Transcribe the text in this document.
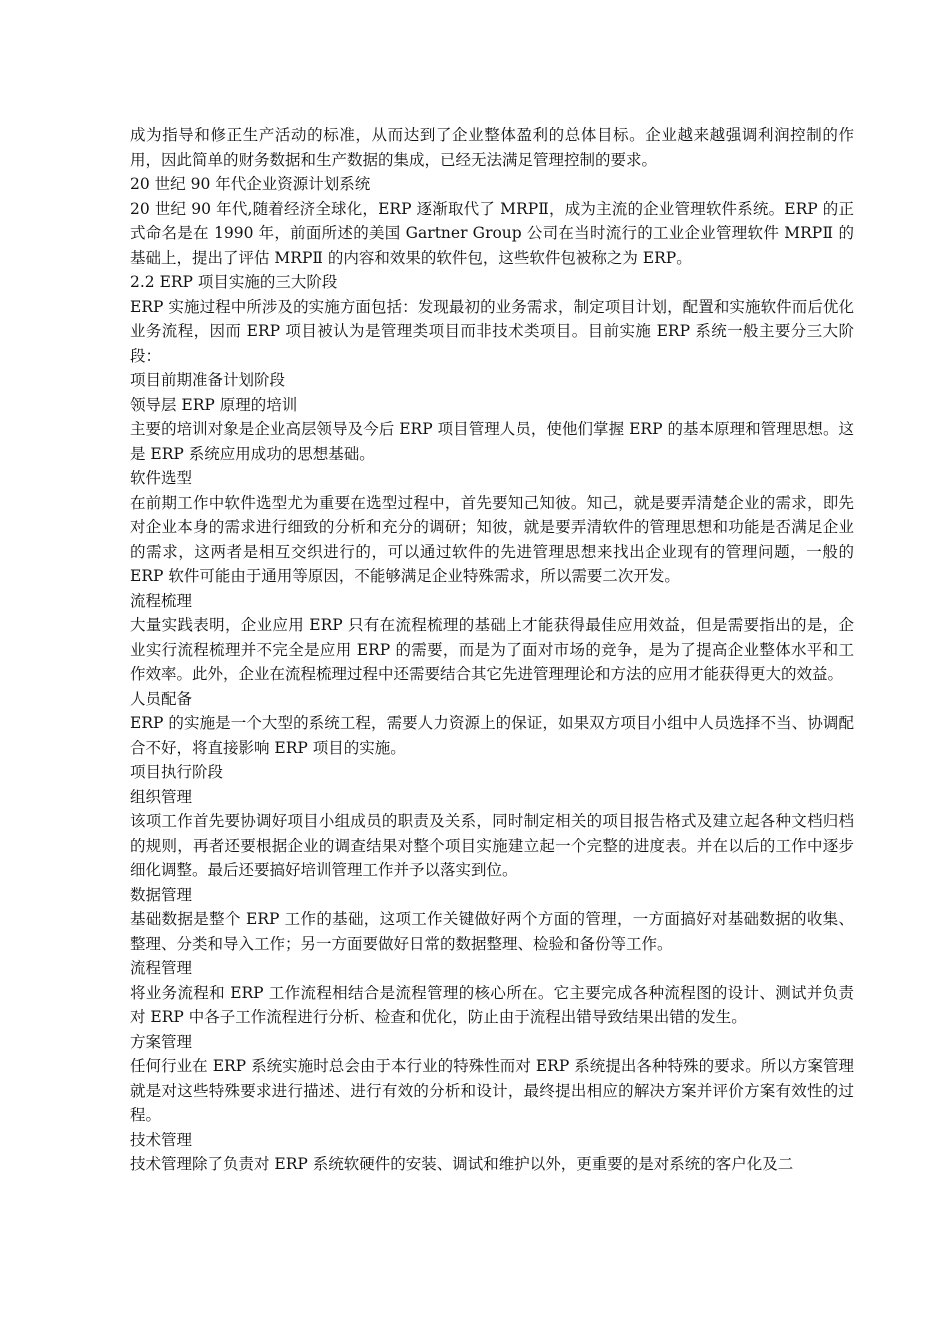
成为指导和修正生产活动的标准，从而达到了企业整体盈利的总体目标。企业越来越强调利润控制的作用，因此简单的财务数据和生产数据的集成，已经无法满足管理控制的要求。

20 世纪 90 年代企业资源计划系统

20 世纪 90 年代,随着经济全球化，ERP 逐渐取代了 MRPⅡ，成为主流的企业管理软件系统。ERP 的正式命名是在 1990 年，前面所述的美国 Gartner Group 公司在当时流行的工业企业管理软件 MRPⅡ 的基础上，提出了评估 MRPⅡ 的内容和效果的软件包，这些软件包被称之为 ERP。

2.2 ERP 项目实施的三大阶段

ERP 实施过程中所涉及的实施方面包括：发现最初的业务需求，制定项目计划，配置和实施软件而后优化业务流程，因而 ERP 项目被认为是管理类项目而非技术类项目。目前实施 ERP 系统一般主要分三大阶段：

项目前期准备计划阶段

领导层 ERP 原理的培训

主要的培训对象是企业高层领导及今后 ERP 项目管理人员，使他们掌握 ERP 的基本原理和管理思想。这是 ERP 系统应用成功的思想基础。

软件选型

在前期工作中软件选型尤为重要在选型过程中，首先要知己知彼。知己，就是要弄清楚企业的需求，即先对企业本身的需求进行细致的分析和充分的调研；知彼，就是要弄清软件的管理思想和功能是否满足企业的需求，这两者是相互交织进行的，可以通过软件的先进管理思想来找出企业现有的管理问题，一般的 ERP 软件可能由于通用等原因，不能够满足企业特殊需求，所以需要二次开发。

流程梳理

大量实践表明，企业应用 ERP 只有在流程梳理的基础上才能获得最佳应用效益，但是需要指出的是，企业实行流程梳理并不完全是应用 ERP 的需要，而是为了面对市场的竞争，是为了提高企业整体水平和工作效率。此外，企业在流程梳理过程中还需要结合其它先进管理理论和方法的应用才能获得更大的效益。

人员配备

ERP 的实施是一个大型的系统工程，需要人力资源上的保证，如果双方项目小组中人员选择不当、协调配合不好，将直接影响 ERP 项目的实施。

项目执行阶段

组织管理

该项工作首先要协调好项目小组成员的职责及关系，同时制定相关的项目报告格式及建立起各种文档归档的规则，再者还要根据企业的调查结果对整个项目实施建立起一个完整的进度表。并在以后的工作中逐步细化调整。最后还要搞好培训管理工作并予以落实到位。

数据管理

基础数据是整个 ERP 工作的基础，这项工作关键做好两个方面的管理，一方面搞好对基础数据的收集、整理、分类和导入工作；另一方面要做好日常的数据整理、检验和备份等工作。

流程管理

将业务流程和 ERP 工作流程相结合是流程管理的核心所在。它主要完成各种流程图的设计、测试并负责对 ERP 中各子工作流程进行分析、检查和优化，防止由于流程出错导致结果出错的发生。

方案管理

任何行业在 ERP 系统实施时总会由于本行业的特殊性而对 ERP 系统提出各种特殊的要求。所以方案管理就是对这些特殊要求进行描述、进行有效的分析和设计，最终提出相应的解决方案并评价方案有效性的过程。

技术管理

技术管理除了负责对 ERP 系统软硬件的安装、调试和维护以外，更重要的是对系统的客户化及二
